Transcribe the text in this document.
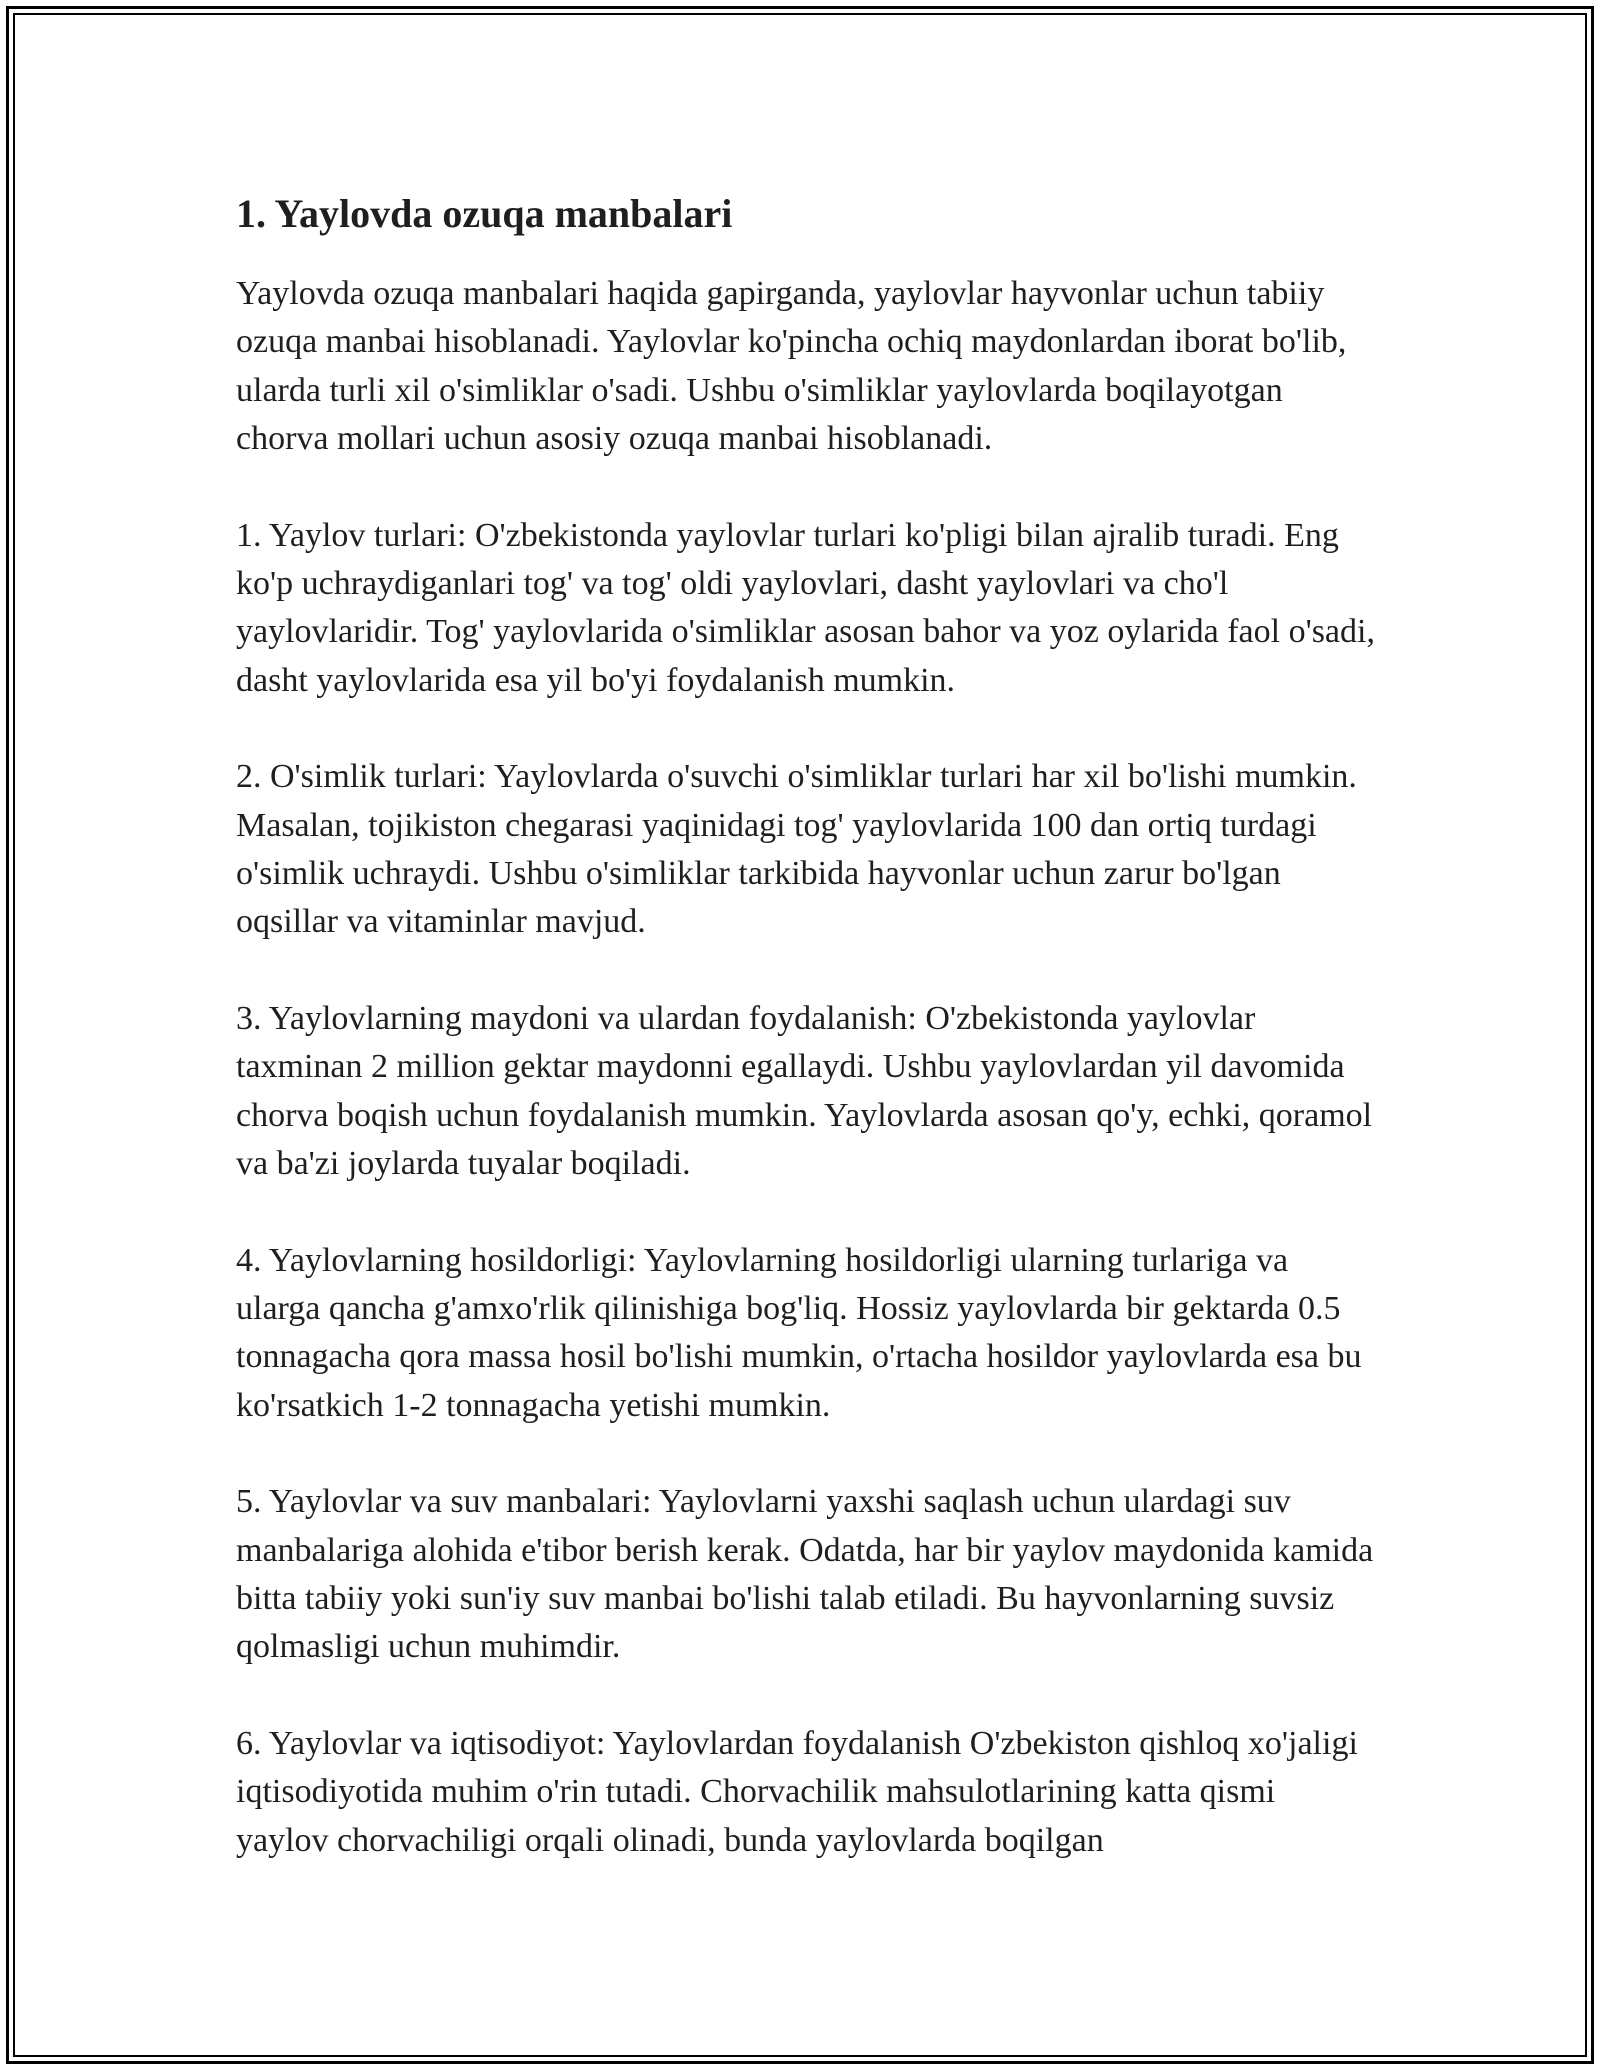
1. Yaylovda ozuqa manbalari

Yaylovda ozuqa manbalari haqida gapirganda, yaylovlar hayvonlar uchun tabiiy ozuqa manbai hisoblanadi. Yaylovlar ko'pincha ochiq maydonlardan iborat bo'lib, ularda turli xil o'simliklar o'sadi. Ushbu o'simliklar yaylovlarda boqilayotgan chorva mollari uchun asosiy ozuqa manbai hisoblanadi.

1. Yaylov turlari: O'zbekistonda yaylovlar turlari ko'pligi bilan ajralib turadi. Eng ko'p uchraydiganlari tog' va tog' oldi yaylovlari, dasht yaylovlari va cho'l yaylovlaridir. Tog' yaylovlarida o'simliklar asosan bahor va yoz oylarida faol o'sadi, dasht yaylovlarida esa yil bo'yi foydalanish mumkin.

2. O'simlik turlari: Yaylovlarda o'suvchi o'simliklar turlari har xil bo'lishi mumkin. Masalan, tojikiston chegarasi yaqinidagi tog' yaylovlarida 100 dan ortiq turdagi o'simlik uchraydi. Ushbu o'simliklar tarkibida hayvonlar uchun zarur bo'lgan oqsillar va vitaminlar mavjud.

3. Yaylovlarning maydoni va ulardan foydalanish: O'zbekistonda yaylovlar taxminan 2 million gektar maydonni egallaydi. Ushbu yaylovlardan yil davomida chorva boqish uchun foydalanish mumkin. Yaylovlarda asosan qo'y, echki, qoramol va ba'zi joylarda tuyalar boqiladi.

4. Yaylovlarning hosildorligi: Yaylovlarning hosildorligi ularning turlariga va ularga qancha g'amxo'rlik qilinishiga bog'liq. Hossiz yaylovlarda bir gektarda 0.5 tonnagacha qora massa hosil bo'lishi mumkin, o'rtacha hosildor yaylovlarda esa bu ko'rsatkich 1-2 tonnagacha yetishi mumkin.

5. Yaylovlar va suv manbalari: Yaylovlarni yaxshi saqlash uchun ulardagi suv manbalariga alohida e'tibor berish kerak. Odatda, har bir yaylov maydonida kamida bitta tabiiy yoki sun'iy suv manbai bo'lishi talab etiladi. Bu hayvonlarning suvsiz qolmasligi uchun muhimdir.

6. Yaylovlar va iqtisodiyot: Yaylovlardan foydalanish O'zbekiston qishloq xo'jaligi iqtisodiyotida muhim o'rin tutadi. Chorvachilik mahsulotlarining katta qismi yaylov chorvachiligi orqali olinadi, bunda yaylovlarda boqilgan
